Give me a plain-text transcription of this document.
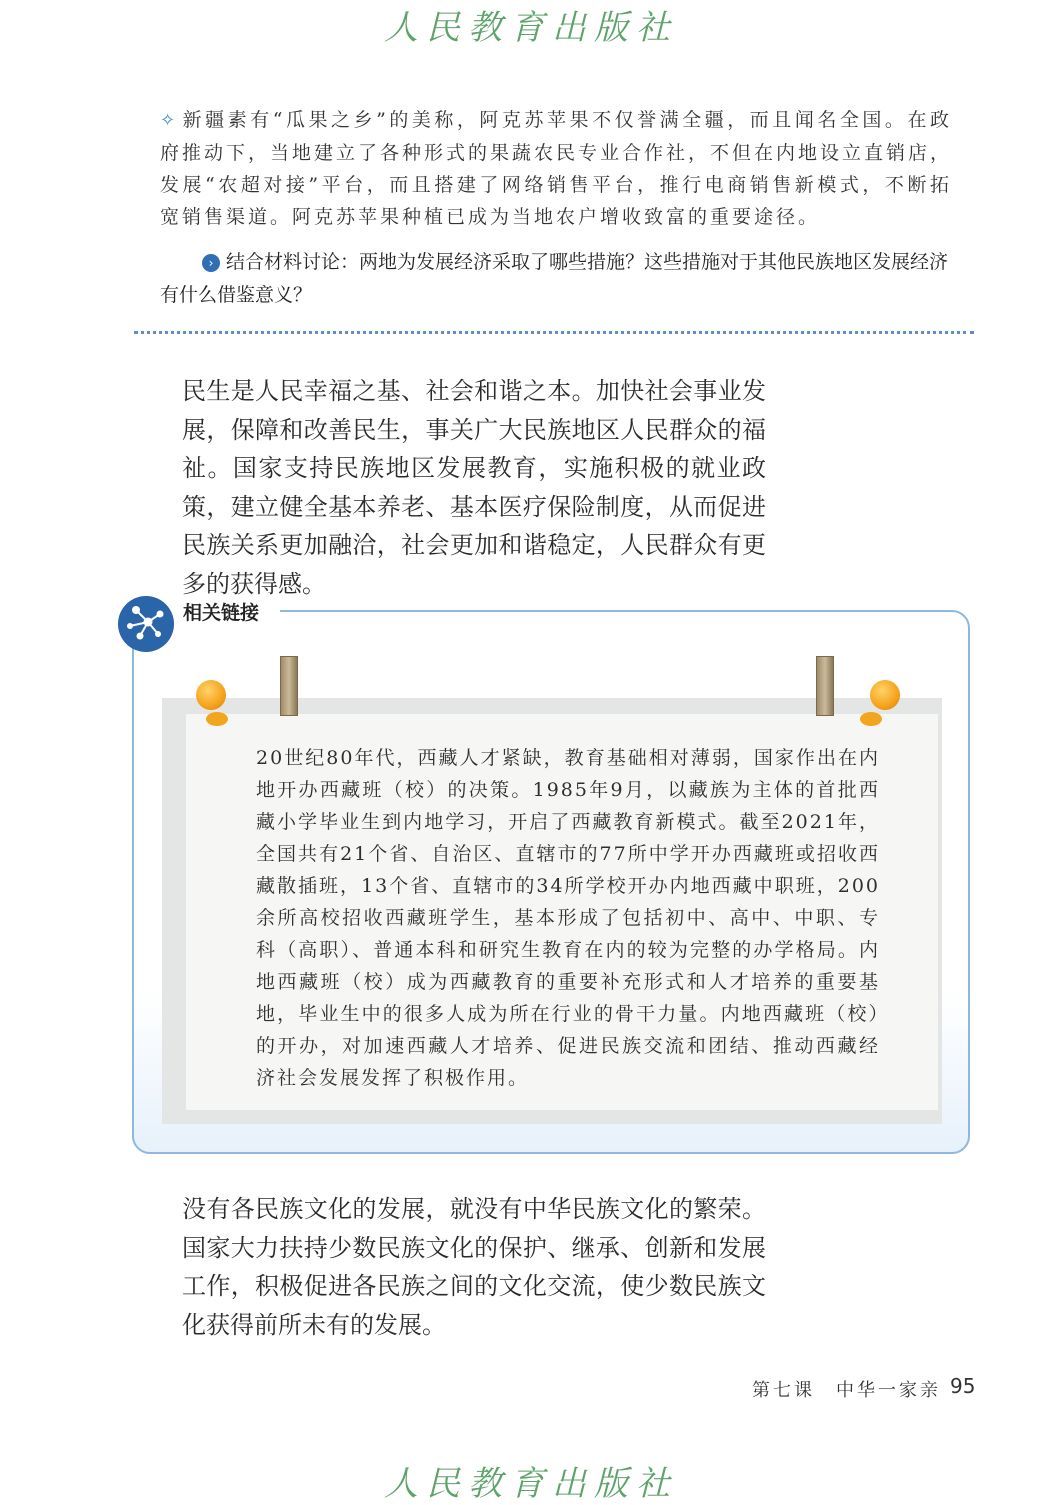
人民教育出版社
✧ 新疆素有“瓜果之乡”的美称，阿克苏苹果不仅誉满全疆，而且闻名全国。在政府推动下，当地建立了各种形式的果蔬农民专业合作社，不但在内地设立直销店，发展“农超对接”平台，而且搭建了网络销售平台，推行电商销售新模式，不断拓宽销售渠道。阿克苏苹果种植已成为当地农户增收致富的重要途径。
› 结合材料讨论：两地为发展经济采取了哪些措施？这些措施对于其他民族地区发展经济有什么借鉴意义？
民生是人民幸福之基、社会和谐之本。加快社会事业发展，保障和改善民生，事关广大民族地区人民群众的福祉。国家支持民族地区发展教育，实施积极的就业政策，建立健全基本养老、基本医疗保险制度，从而促进民族关系更加融洽，社会更加和谐稳定，人民群众有更多的获得感。
相关链接
20世纪80年代，西藏人才紧缺，教育基础相对薄弱，国家作出在内地开办西藏班（校）的决策。1985年9月，以藏族为主体的首批西藏小学毕业生到内地学习，开启了西藏教育新模式。截至2021年，全国共有21个省、自治区、直辖市的77所中学开办西藏班或招收西藏散插班，13个省、直辖市的34所学校开办内地西藏中职班，200余所高校招收西藏班学生，基本形成了包括初中、高中、中职、专科（高职）、普通本科和研究生教育在内的较为完整的办学格局。内地西藏班（校）成为西藏教育的重要补充形式和人才培养的重要基地，毕业生中的很多人成为所在行业的骨干力量。内地西藏班（校）的开办，对加速西藏人才培养、促进民族交流和团结、推动西藏经济社会发展发挥了积极作用。
没有各民族文化的发展，就没有中华民族文化的繁荣。国家大力扶持少数民族文化的保护、继承、创新和发展工作，积极促进各民族之间的文化交流，使少数民族文化获得前所未有的发展。
第七课　中华一家亲 95
人民教育出版社
